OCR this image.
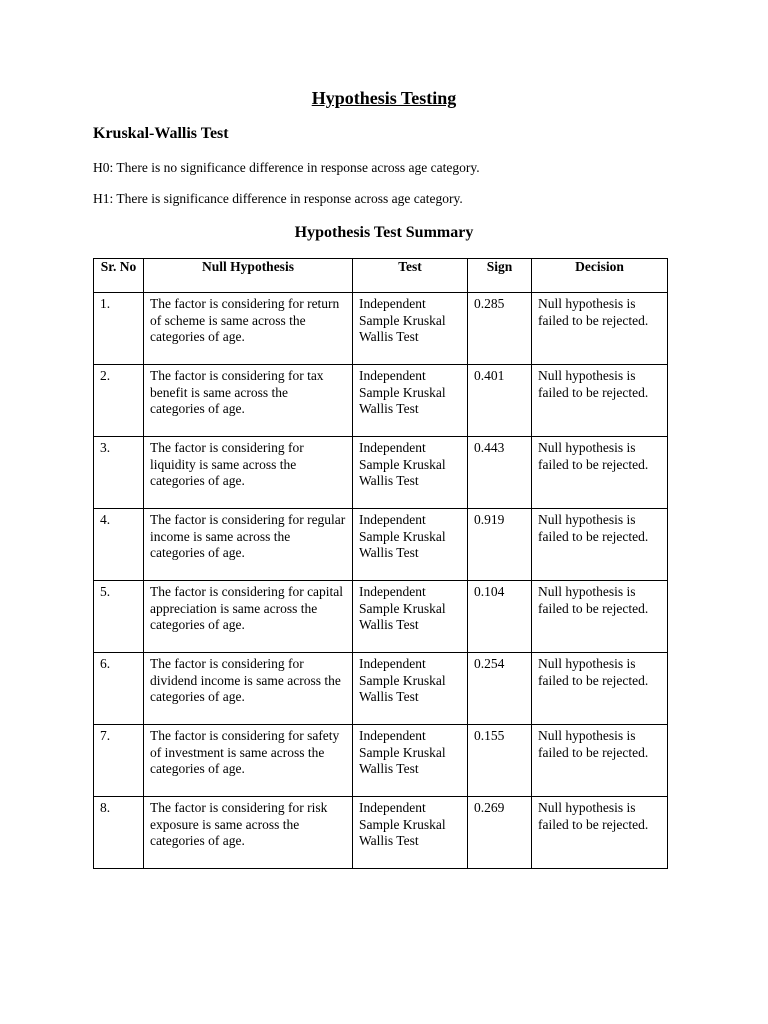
Hypothesis Testing
Kruskal-Wallis Test

H0: There is no significance difference in response across age category.

H1: There is significance difference in response across age category.

Hypothesis Test Summary
Sr. No	Null Hypothesis	Test	Sign	Decision
1.	The factor is considering for return of scheme is same across the categories of age.	Independent Sample Kruskal Wallis Test	0.285	Null hypothesis is failed to be rejected.
2.	The factor is considering for tax benefit is same across the categories of age.	Independent Sample Kruskal Wallis Test	0.401	Null hypothesis is failed to be rejected.
3.	The factor is considering for liquidity is same across the categories of age.	Independent Sample Kruskal Wallis Test	0.443	Null hypothesis is failed to be rejected.
4.	The factor is considering for regular income is same across the categories of age.	Independent Sample Kruskal Wallis Test	0.919	Null hypothesis is failed to be rejected.
5.	The factor is considering for capital appreciation is same across the categories of age.	Independent Sample Kruskal Wallis Test	0.104	Null hypothesis is failed to be rejected.
6.	The factor is considering for dividend income is same across the categories of age.	Independent Sample Kruskal Wallis Test	0.254	Null hypothesis is failed to be rejected.
7.	The factor is considering for safety of investment is same across the categories of age.	Independent Sample Kruskal Wallis Test	0.155	Null hypothesis is failed to be rejected.
8.	The factor is considering for risk exposure is same across the categories of age.	Independent Sample Kruskal Wallis Test	0.269	Null hypothesis is failed to be rejected.
